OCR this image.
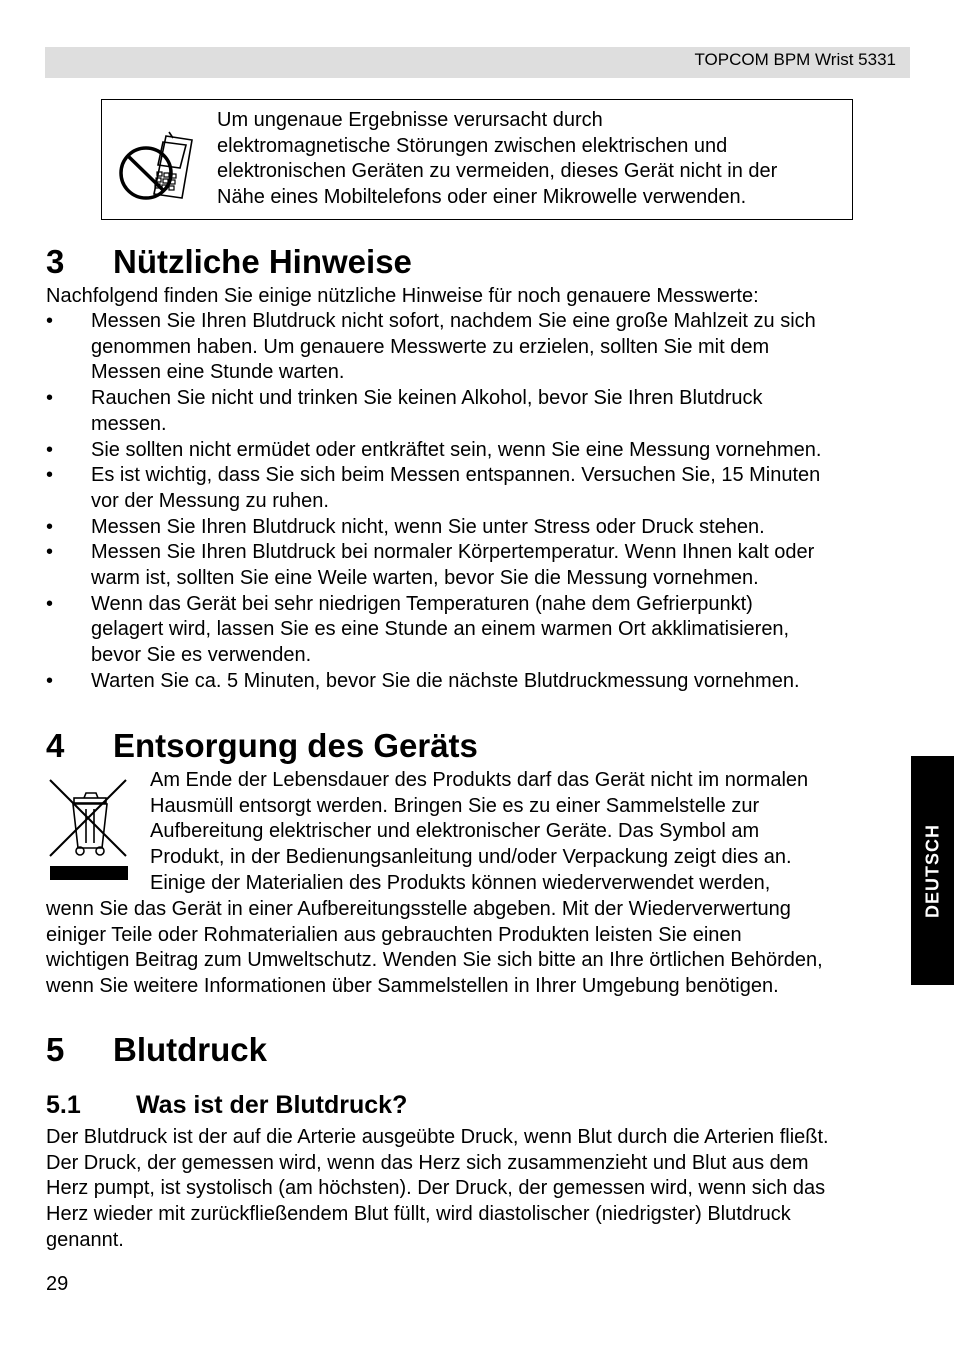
TOPCOM BPM Wrist 5331
Um ungenaue Ergebnisse verursacht durch
elektromagnetische Störungen zwischen elektrischen und
elektronischen Geräten zu vermeiden, dieses Gerät nicht in der
Nähe eines Mobiltelefons oder einer Mikrowelle verwenden.
3 Nützliche Hinweise

Nachfolgend finden Sie einige nützliche Hinweise für noch genauere Messwerte:

• Messen Sie Ihren Blutdruck nicht sofort, nachdem Sie eine große Mahlzeit zu sich
genommen haben. Um genauere Messwerte zu erzielen, sollten Sie mit dem
Messen eine Stunde warten.
• Rauchen Sie nicht und trinken Sie keinen Alkohol, bevor Sie Ihren Blutdruck
messen.
• Sie sollten nicht ermüdet oder entkräftet sein, wenn Sie eine Messung vornehmen.
• Es ist wichtig, dass Sie sich beim Messen entspannen. Versuchen Sie, 15 Minuten
vor der Messung zu ruhen.
• Messen Sie Ihren Blutdruck nicht, wenn Sie unter Stress oder Druck stehen.
• Messen Sie Ihren Blutdruck bei normaler Körpertemperatur. Wenn Ihnen kalt oder
warm ist, sollten Sie eine Weile warten, bevor Sie die Messung vornehmen.
• Wenn das Gerät bei sehr niedrigen Temperaturen (nahe dem Gefrierpunkt)
gelagert wird, lassen Sie es eine Stunde an einem warmen Ort akklimatisieren,
bevor Sie es verwenden.
• Warten Sie ca. 5 Minuten, bevor Sie die nächste Blutdruckmessung vornehmen.
4 Entsorgung des Geräts
Am Ende der Lebensdauer des Produkts darf das Gerät nicht im normalen
Hausmüll entsorgt werden. Bringen Sie es zu einer Sammelstelle zur
Aufbereitung elektrischer und elektronischer Geräte. Das Symbol am
Produkt, in der Bedienungsanleitung und/oder Verpackung zeigt dies an.
Einige der Materialien des Produkts können wiederverwendet werden,
wenn Sie das Gerät in einer Aufbereitungsstelle abgeben. Mit der Wiederverwertung
einiger Teile oder Rohmaterialien aus gebrauchten Produkten leisten Sie einen
wichtigen Beitrag zum Umweltschutz. Wenden Sie sich bitte an Ihre örtlichen Behörden,
wenn Sie weitere Informationen über Sammelstellen in Ihrer Umgebung benötigen.
5 Blutdruck
5.1 Was ist der Blutdruck?
Der Blutdruck ist der auf die Arterie ausgeübte Druck, wenn Blut durch die Arterien fließt.
Der Druck, der gemessen wird, wenn das Herz sich zusammenzieht und Blut aus dem
Herz pumpt, ist systolisch (am höchsten). Der Druck, der gemessen wird, wenn sich das
Herz wieder mit zurückfließendem Blut füllt, wird diastolischer (niedrigster) Blutdruck
genannt.
DEUTSCH
29
